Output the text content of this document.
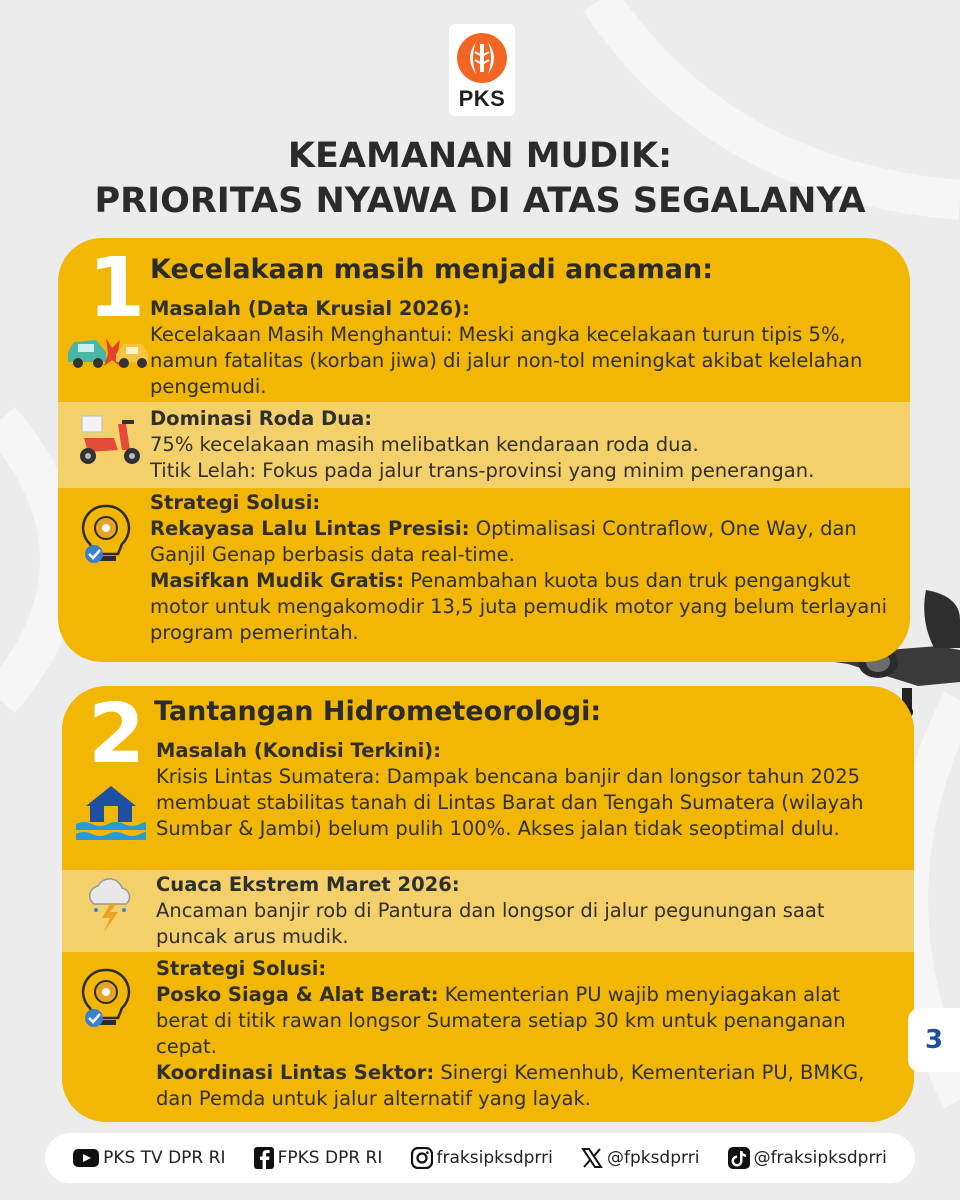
PKS
KEAMANAN MUDIK:
PRIORITAS NYAWA DI ATAS SEGALANYA
1 Kecelakaan masih menjadi ancaman:
Masalah (Data Krusial 2026):

Kecelakaan Masih Menghantui: Meski angka kecelakaan turun tipis 5%, namun fatalitas (korban jiwa) di jalur non-tol meningkat akibat kelelahan pengemudi.

Dominasi Roda Dua:

75% kecelakaan masih melibatkan kendaraan roda dua.

Titik Lelah: Fokus pada jalur trans-provinsi yang minim penerangan.

Strategi Solusi:

Rekayasa Lalu Lintas Presisi: Optimalisasi Contraflow, One Way, dan Ganjil Genap berbasis data real-time.

Masifkan Mudik Gratis: Penambahan kuota bus dan truk pengangkut motor untuk mengakomodir 13,5 juta pemudik motor yang belum terlayani program pemerintah.

2 Tantangan Hidrometeorologi:
Masalah (Kondisi Terkini):

Krisis Lintas Sumatera: Dampak bencana banjir dan longsor tahun 2025 membuat stabilitas tanah di Lintas Barat dan Tengah Sumatera (wilayah Sumbar & Jambi) belum pulih 100%. Akses jalan tidak seoptimal dulu.

Cuaca Ekstrem Maret 2026:

Ancaman banjir rob di Pantura dan longsor di jalur pegunungan saat puncak arus mudik.

Strategi Solusi:

Posko Siaga & Alat Berat: Kementerian PU wajib menyiagakan alat berat di titik rawan longsor Sumatera setiap 30 km untuk penanganan cepat.

Koordinasi Lintas Sektor: Sinergi Kemenhub, Kementerian PU, BMKG, dan Pemda untuk jalur alternatif yang layak.

3
PKS TV DPR RI	FPKS DPR RI	fraksipksdprri	@fpksdprri	@fraksipksdprri
